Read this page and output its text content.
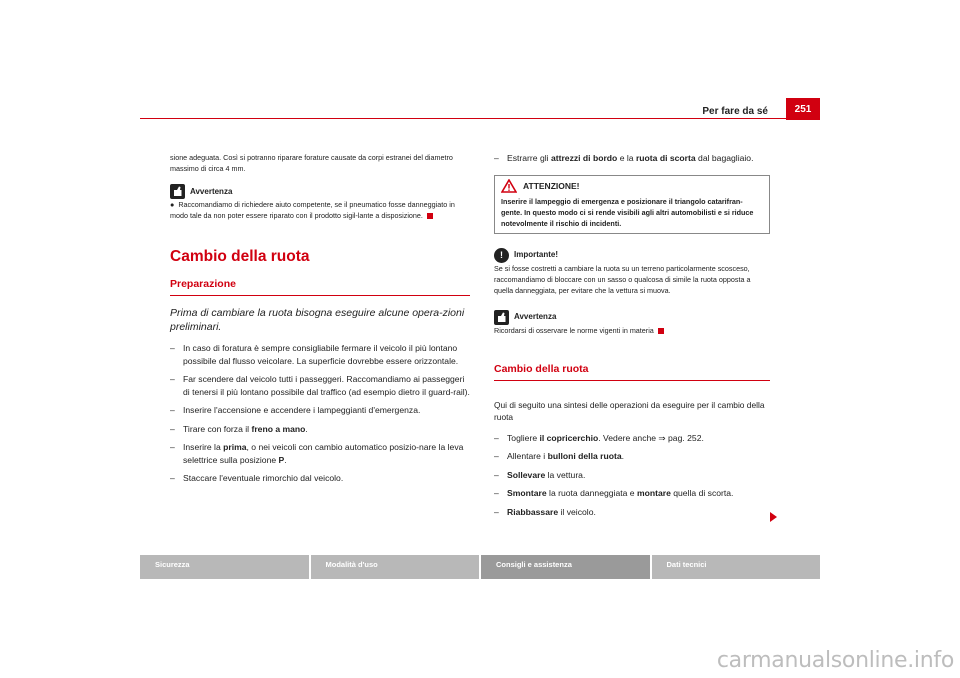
Per fare da sé	251

sione adeguata. Così si potranno riparare forature causate da corpi estranei del diametro massimo di circa 4 mm.

Avvertenza

●  Raccomandiamo di richiedere aiuto competente, se il pneumatico fosse danneggiato in modo tale da non poter essere riparato con il prodotto sigil-lante a disposizione.

Cambio della ruota
Preparazione

Prima di cambiare la ruota bisogna eseguire alcune opera-zioni preliminari.

– In caso di foratura è sempre consigliabile fermare il veicolo il più lontano possibile dal flusso veicolare. La superficie dovrebbe essere orizzontale.

– Far scendere dal veicolo tutti i passeggeri. Raccomandiamo ai passeggeri di tenersi il più lontano possibile dal traffico (ad esempio dietro il guard-rail).

– Inserire l'accensione e accendere i lampeggianti d'emergenza.

– Tirare con forza il freno a mano.

– Inserire la prima, o nei veicoli con cambio automatico posizio-nare la leva selettrice sulla posizione P.

– Staccare l'eventuale rimorchio dal veicolo.

– Estrarre gli attrezzi di bordo e la ruota di scorta dal bagagliaio.

ATTENZIONE!

Inserire il lampeggio di emergenza e posizionare il triangolo catarifran-gente. In questo modo ci si rende visibili agli altri automobilisti e si riduce notevolmente il rischio di incidenti.

!	Importante!

Se si fosse costretti a cambiare la ruota su un terreno particolarmente scosceso, raccomandiamo di bloccare con un sasso o qualcosa di simile la ruota opposta a quella danneggiata, per evitare che la vettura si muova.

Avvertenza

Ricordarsi di osservare le norme vigenti in materia

Cambio della ruota

Qui di seguito una sintesi delle operazioni da eseguire per il cambio della ruota

– Togliere il copricerchio. Vedere anche ⇒ pag. 252.

– Allentare i bulloni della ruota.

– Sollevare la vettura.

– Smontare la ruota danneggiata e montare quella di scorta.

– Riabbassare il veicolo.

Sicurezza	Modalità d'uso	Consigli e assistenza	Dati tecnici
carmanualsonline.info
